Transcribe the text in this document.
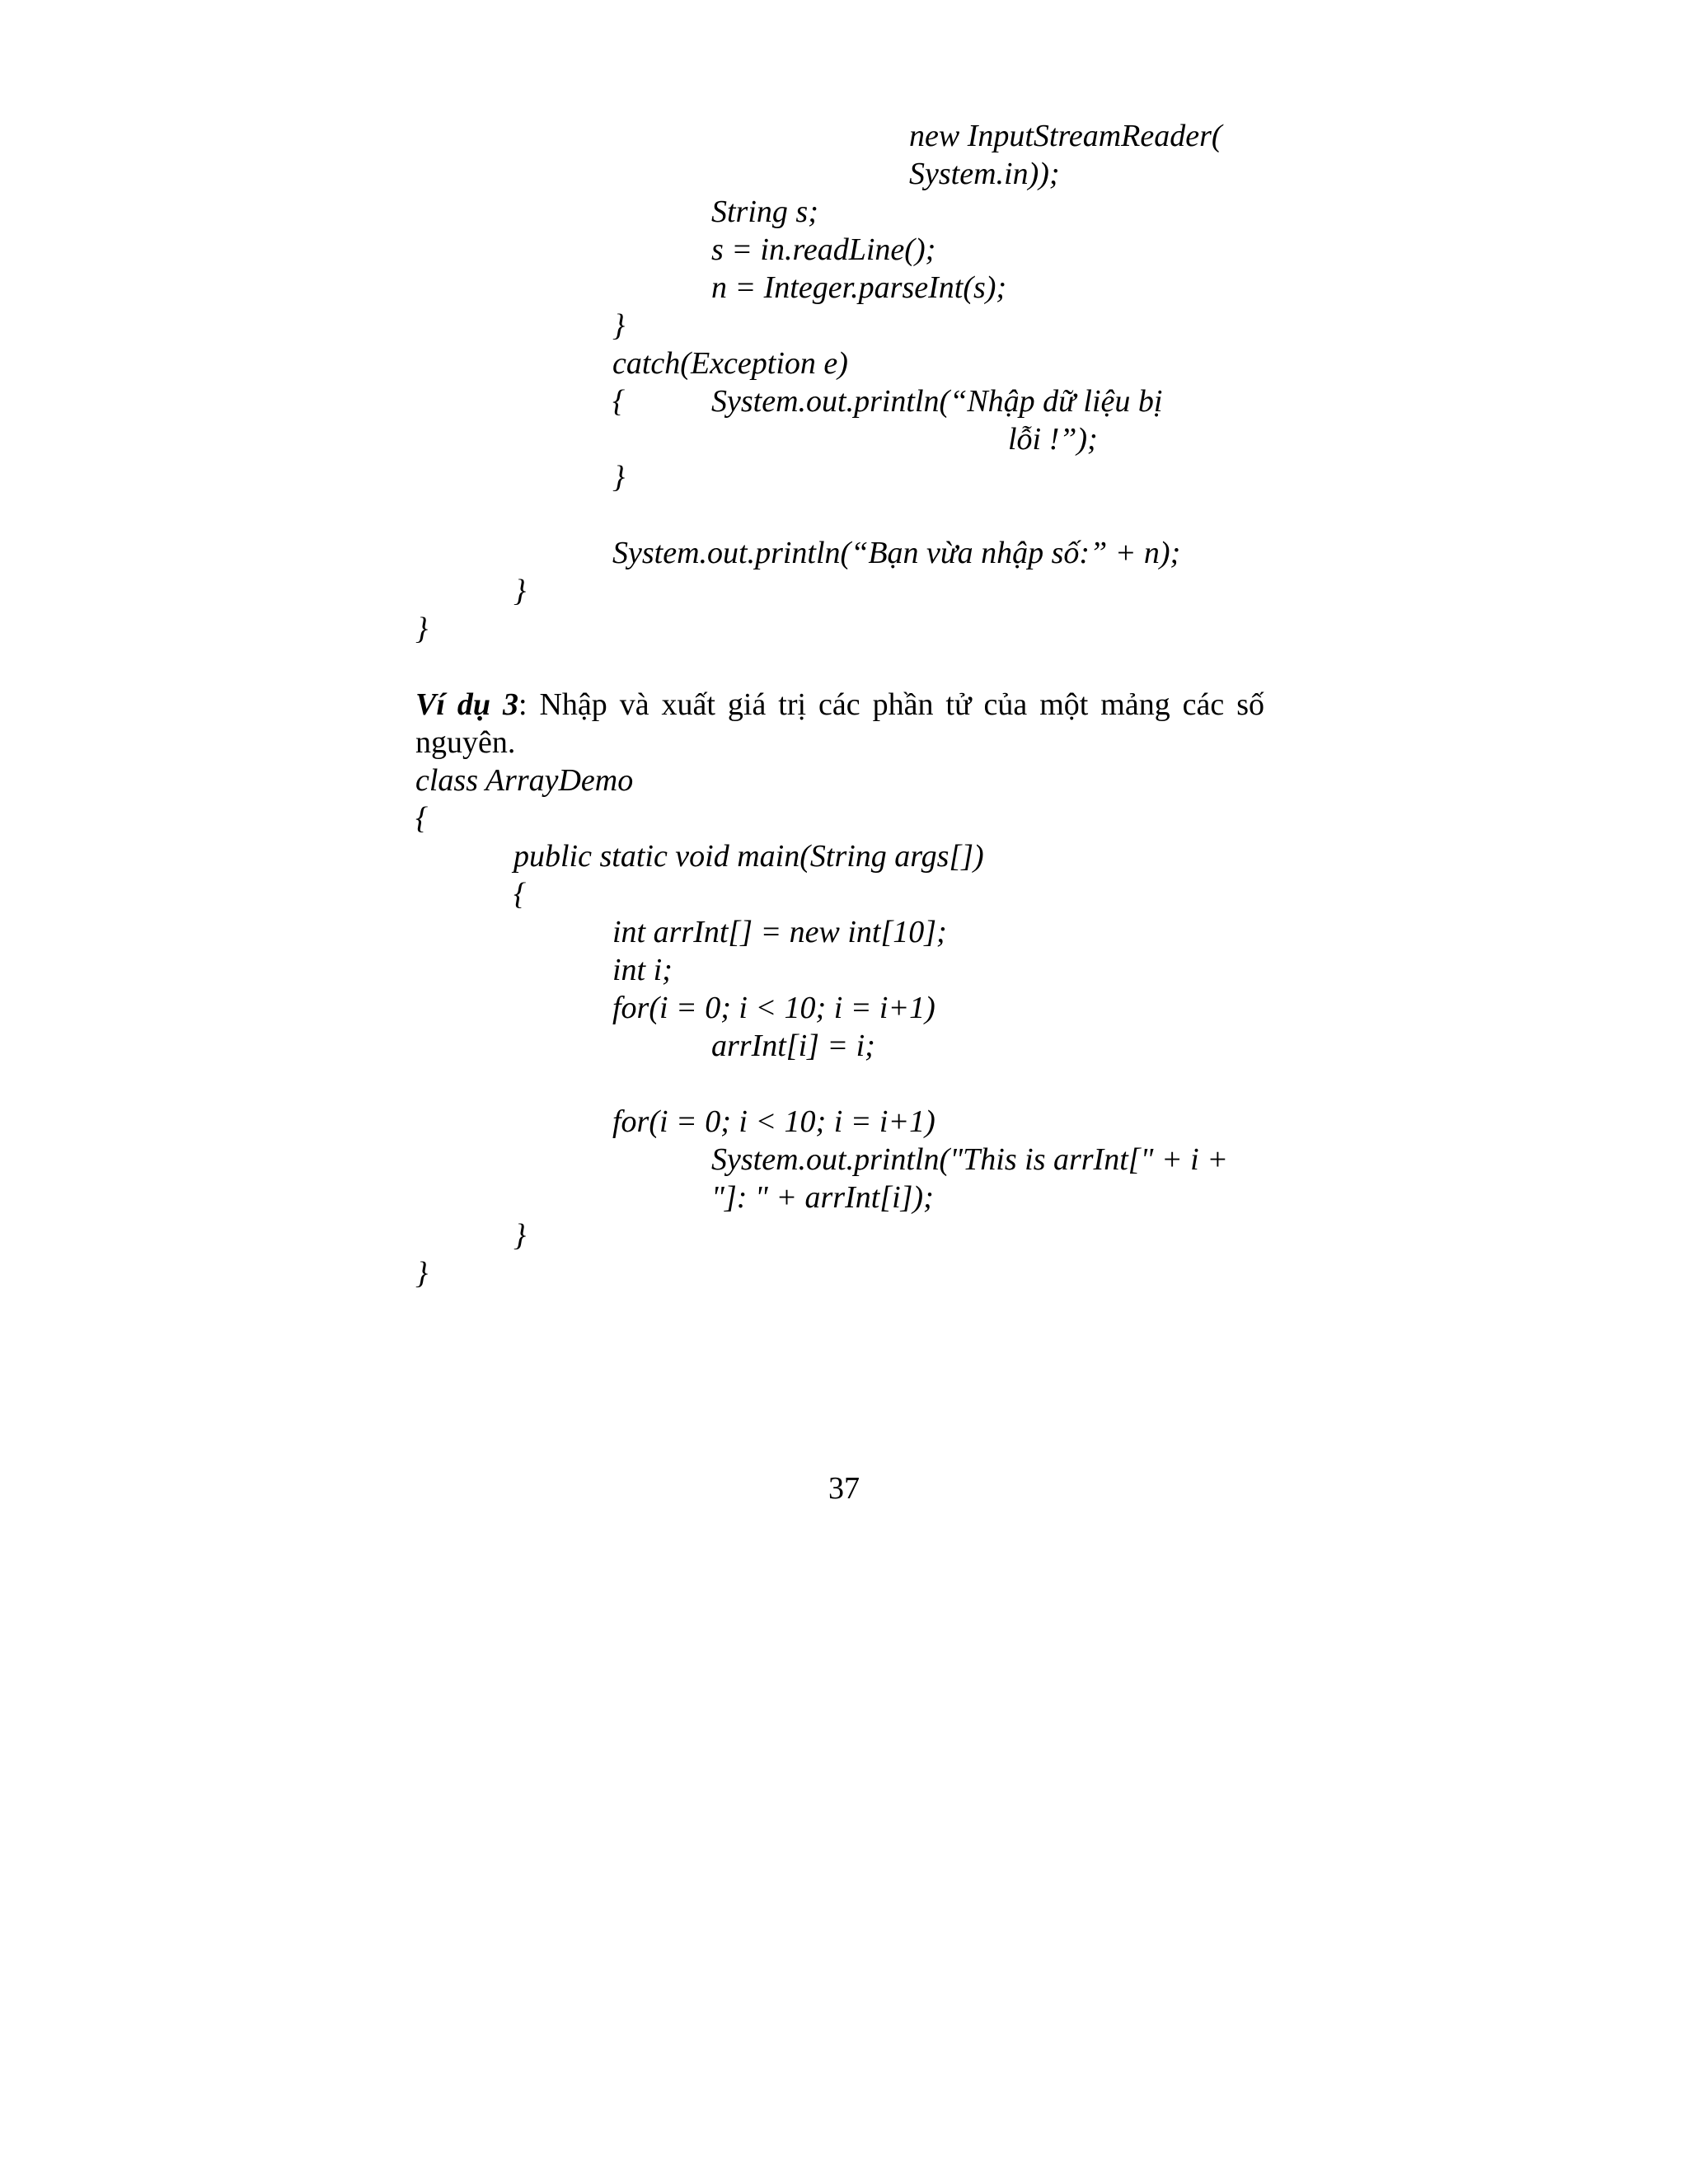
new InputStreamReader(
System.in));
String s;
s = in.readLine();
n = Integer.parseInt(s);
}
catch(Exception e)
{	System.out.println(“Nhập dữ liệu bị
lỗi !”);
}
System.out.println(“Bạn vừa nhập số:” + n);
}
}
Ví dụ 3: Nhập và xuất giá trị các phần tử của một mảng các số
nguyên.
class ArrayDemo
{
public static void main(String args[])
{
int arrInt[] = new int[10];
int i;
for(i = 0; i < 10; i = i+1)
arrInt[i] = i;
for(i = 0; i < 10; i = i+1)
System.out.println("This is arrInt[" + i +
"]: " + arrInt[i]);
}
}
37
